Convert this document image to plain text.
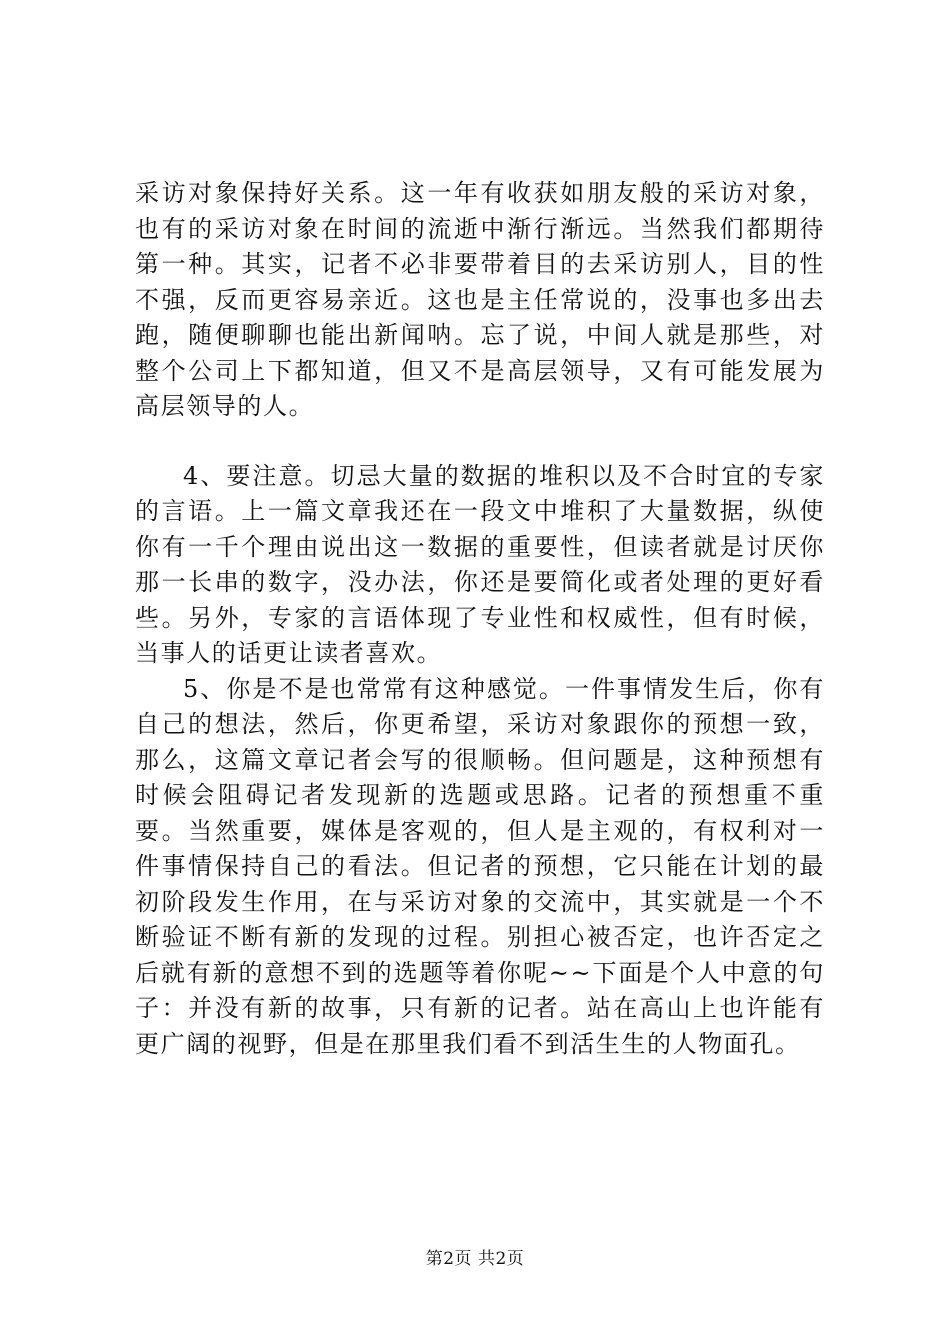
采访对象保持好关系。这一年有收获如朋友般的采访对象，也有的采访对象在时间的流逝中渐行渐远。当然我们都期待第一种。其实，记者不必非要带着目的去采访别人，目的性不强，反而更容易亲近。这也是主任常说的，没事也多出去跑，随便聊聊也能出新闻呐。忘了说，中间人就是那些，对整个公司上下都知道，但又不是高层领导，又有可能发展为高层领导的人。

4、要注意。切忌大量的数据的堆积以及不合时宜的专家的言语。上一篇文章我还在一段文中堆积了大量数据，纵使你有一千个理由说出这一数据的重要性，但读者就是讨厌你那一长串的数字，没办法，你还是要简化或者处理的更好看些。另外，专家的言语体现了专业性和权威性，但有时候，当事人的话更让读者喜欢。

5、你是不是也常常有这种感觉。一件事情发生后，你有自己的想法，然后，你更希望，采访对象跟你的预想一致，那么，这篇文章记者会写的很顺畅。但问题是，这种预想有时候会阻碍记者发现新的选题或思路。记者的预想重不重要。当然重要，媒体是客观的，但人是主观的，有权利对一件事情保持自己的看法。但记者的预想，它只能在计划的最初阶段发生作用，在与采访对象的交流中，其实就是一个不断验证不断有新的发现的过程。别担心被否定，也许否定之后就有新的意想不到的选题等着你呢~~下面是个人中意的句子：并没有新的故事，只有新的记者。站在高山上也许能有更广阔的视野，但是在那里我们看不到活生生的人物面孔。

第2页 共2页
